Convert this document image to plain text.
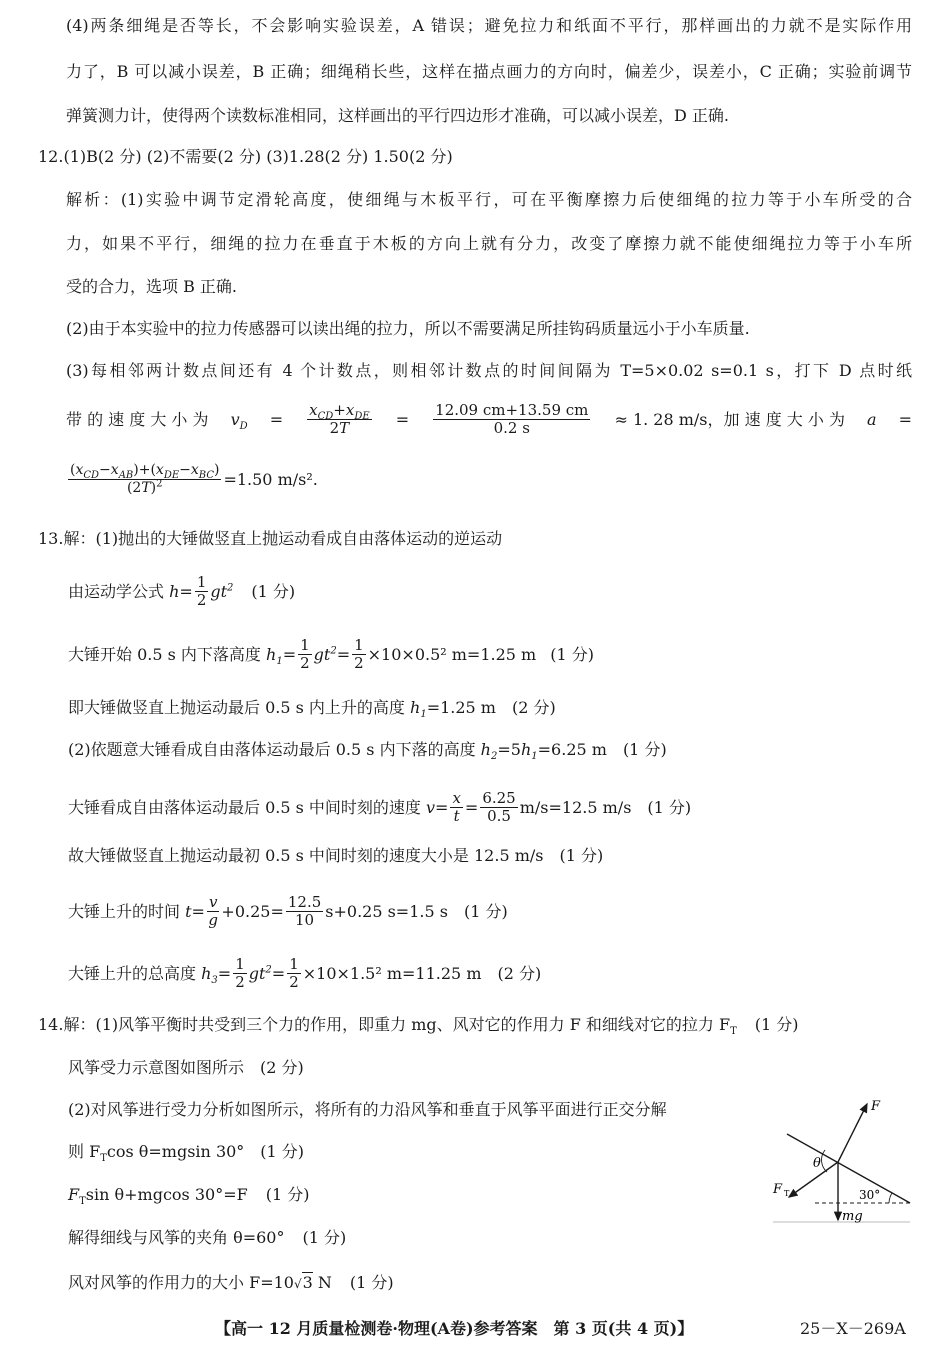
(4)两条细绳是否等长，不会影响实验误差，A 错误；避免拉力和纸面不平行，那样画出的力就不是实际作用
力了，B 可以减小误差，B 正确；细绳稍长些，这样在描点画力的方向时，偏差少，误差小，C 正确；实验前调节
弹簧测力计，使得两个读数标准相同，这样画出的平行四边形才准确，可以减小误差，D 正确.
12.(1)B(2 分) (2)不需要(2 分) (3)1.28(2 分) 1.50(2 分)
解析：(1)实验中调节定滑轮高度，使细绳与木板平行，可在平衡摩擦力后使细绳的拉力等于小车所受的合
力，如果不平行，细绳的拉力在垂直于木板的方向上就有分力，改变了摩擦力就不能使细绳拉力等于小车所
受的合力，选项 B 正确.
(2)由于本实验中的拉力传感器可以读出绳的拉力，所以不需要满足所挂钩码质量远小于小车质量.
(3)每相邻两计数点间还有 4 个计数点，则相邻计数点的时间间隔为 T=5×0.02 s=0.1 s，打下 D 点时纸
带 的 速 度 大 小 为 $v_D = \frac{x_{CD}+x_{DE}}{2T} = \frac{12.09 cm+13.59 cm}{0.2 s} \approx 1$. 28 m/s，加 速 度 大 小 为 a =
$\frac{(x_{CD}-x_{AB})+(x_{DE}-x_{BC})}{(2T)^2} =1.50$ m/s².
13.解：(1)抛出的大锤做竖直上抛运动看成自由落体运动的逆运动
由运动学公式 $h = \frac{1}{2} gt^2$ (1 分)
大锤开始 0.5 s 内下落高度 $h_1 = \frac{1}{2} gt^2 = \frac{1}{2} \times 10\times 0.5^2$ m=1.25 m (1 分)
即大锤做竖直上抛运动最后 0.5 s 内上升的高度 $h_1=1.25$ m (2 分)
(2)依题意大锤看成自由落体运动最后 0.5 s 内下落的高度 $h_2=5h_1=6.25$ m (1 分)
大锤看成自由落体运动最后 0.5 s 中间时刻的速度 $v = \frac{x}{t} = \frac{6.25}{0.5} m/s=12.5$ m/s (1 分)
故大锤做竖直上抛运动最初 0.5 s 中间时刻的速度大小是 12.5 m/s (1 分)
大锤上升的时间 $t = \frac{v}{g} +0.25= \frac{12.5}{10} s+0.25$ s=1.5 s (1 分)
大锤上升的总高度 $h_3 = \frac{1}{2} gt^2 = \frac{1}{2} \times 10\times 1.5^2$ m=11.25 m (2 分)
14.解：(1)风筝平衡时共受到三个力的作用，即重力 mg、风对它的作用力 F 和细线对它的拉力 $F_T$ (1 分)
风筝受力示意图如图所示 (2 分)
(2)对风筝进行受力分析如图所示，将所有的力沿风筝和垂直于风筝平面进行正交分解
则 $F_T\cos$ θ=mgsin 30° (1 分)
$F_T\sin$ θ+mgcos 30°=F (1 分)
解得细线与风筝的夹角 θ=60° (1 分)
风对风筝的作用力的大小 F=10√3 N (1 分)
F
F T
θ
30°
mg
【高一 12 月质量检测卷·物理(A卷)参考答案　第 3 页(共 4 页)】	25－X－269A
